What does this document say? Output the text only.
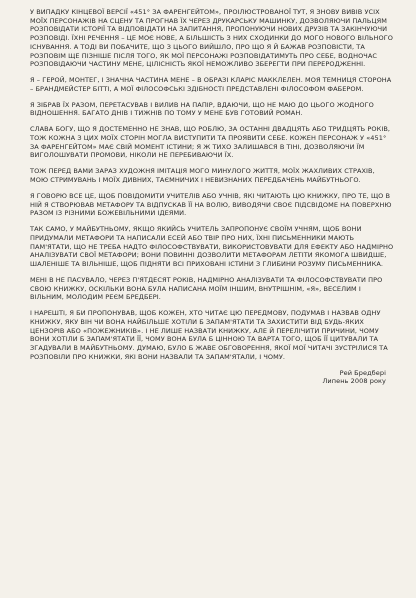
У ВИПАДКУ КІНЦЕВОЇ ВЕРСІЇ «451° ЗА ФАРЕНГЕЙТОМ», ПРОІЛЮСТРОВАНОЇ ТУТ, Я ЗНОВУ ВИВІВ УСІХ МОЇХ ПЕРСОНАЖІВ НА СЦЕНУ ТА ПРОГНАВ ЇХ ЧЕРЕЗ ДРУКАРСЬКУ МАШИНКУ, ДОЗВОЛЯЮЧИ ПАЛЬЦЯМ РОЗПОВІДАТИ ІСТОРІЇ ТА ВІДПОВІДАТИ НА ЗАПИТАННЯ, ПРОПОНУЮЧИ НОВИХ ДРУЗІВ ТА ЗАКІНЧУЮЧИ РОЗПОВІДІ. ЇХНІ РЕЧЕННЯ – ЦЕ МОЄ НОВЕ, А БІЛЬШІСТЬ З НИХ СХОДИНКИ ДО МОГО НОВОГО ВІЛЬНОГО ІСНУВАННЯ. А ТОДІ ВИ ПОБАЧИТЕ, ЩО З ЦЬОГО ВИЙШЛО, ПРО ЩО Я Й БАЖАВ РОЗПОВІСТИ, ТА РОЗПОВІМ ЩЕ ПІЗНІШЕ ПІСЛЯ ТОГО, ЯК МОЇ ПЕРСОНАЖІ РОЗПОВІДАТИМУТЬ ПРО СЕБЕ, ВОДНОЧАС РОЗПОВІДАЮЧИ ЧАСТИНУ МЕНЕ, ЦІЛІСНІСТЬ ЯКОЇ НЕМОЖЛИВО ЗБЕРЕГТИ ПРИ ПЕРЕРОДЖЕННІ.

Я – ГЕРОЙ, МОНТЕГ, І ЗНАЧНА ЧАСТИНА МЕНЕ – В ОБРАЗІ КЛАРІС МАККЛЕЛЕН. МОЯ ТЕМНИЦЯ СТОРОНА – БРАНДМЕЙСТЕР БІТТІ, А МОЇ ФІЛОСОФСЬКІ ЗДІБНОСТІ ПРЕДСТАВЛЕНІ ФІЛОСОФОМ ФАБЕРОМ.

Я ЗІБРАВ ЇХ РАЗОМ, ПЕРЕТАСУВАВ І ВИЛИВ НА ПАПІР, ВДАЮЧИ, ЩО НЕ МАЮ ДО ЦЬОГО ЖОДНОГО ВІДНОШЕННЯ. БАГАТО ДНІВ І ТИЖНІВ ПО ТОМУ У МЕНЕ БУВ ГОТОВИЙ РОМАН.

СЛАВА БОГУ, ЩО Я ДОСТЕМЕННО НЕ ЗНАВ, ЩО РОБЛЮ, ЗА ОСТАННІ ДВАДЦЯТЬ АБО ТРИДЦЯТЬ РОКІВ, ТОЖ КОЖНА З ЦИХ МОЇХ СТОРІН МОГЛА ВИСТУПИТИ ТА ПРОЯВИТИ СЕБЕ. КОЖЕН ПЕРСОНАЖ У «451° ЗА ФАРЕНГЕЙТОМ» МАЄ СВІЙ МОМЕНТ ІСТИНИ; Я Ж ТИХО ЗАЛИШАВСЯ В ТІНІ, ДОЗВОЛЯЮЧИ ЇМ ВИГОЛОШУВАТИ ПРОМОВИ, НІКОЛИ НЕ ПЕРЕБИВАЮЧИ ЇХ.

ТОЖ ПЕРЕД ВАМИ ЗАРАЗ ХУДОЖНЯ ІМІТАЦІЯ МОГО МИНУЛОГО ЖИТТЯ, МОЇХ ЖАХЛИВИХ СТРАХІВ, МОЮ СТРИМУВАНЬ І МОЇХ ДИВНИХ, ТАЄМНИЧИХ І НЕВИЗНАНИХ ПЕРЕДБАЧЕНЬ МАЙБУТНЬОГО.

Я ГОВОРЮ ВСЕ ЦЕ, ЩОБ ПОВІДОМИТИ УЧИТЕЛІВ АБО УЧНІВ, ЯКІ ЧИТАЮТЬ ЦЮ КНИЖКУ, ПРО ТЕ, ЩО В НІЙ Я СТВОРЮВАВ МЕТАФОРУ ТА ВІДПУСКАВ ЇЇ НА ВОЛЮ, ВИВОДЯЧИ СВОЄ ПІДСВІДОМЕ НА ПОВЕРХНЮ РАЗОМ ІЗ РІЗНИМИ БОЖЕВІЛЬНИМИ ІДЕЯМИ.

ТАК САМО, У МАЙБУТНЬОМУ, ЯКЩО ЯКИЙСЬ УЧИТЕЛЬ ЗАПРОПОНУЄ СВОЇМ УЧНЯМ, ЩОБ ВОНИ ПРИДУМАЛИ МЕТАФОРИ ТА НАПИСАЛИ ЕСЕЙ АБО ТВІР ПРО НИХ, ЇХНІ ПИСЬМЕННИКИ МАЮТЬ ПАМ'ЯТАТИ, ЩО НЕ ТРЕБА НАДТО ФІЛОСОФСТВУВАТИ, ВИКОРИСТОВУВАТИ ДЛЯ ЕФЕКТУ АБО НАДМІРНО АНАЛІЗУВАТИ СВОЇ МЕТАФОРИ; ВОНИ ПОВИННІ ДОЗВОЛИТИ МЕТАФОРАМ ЛЕТІТИ ЯКОМОГА ШВИДШЕ, ШАЛЕНІШЕ ТА ВІЛЬНІШЕ, ЩОБ ПІДНЯТИ ВСІ ПРИХОВАНІ ІСТИНИ З ГЛИБИНИ РОЗУМУ ПИСЬМЕННИКА.

МЕНІ В НЕ ПАСУВАЛО, ЧЕРЕЗ П'ЯТДЕСЯТ РОКІВ, НАДМІРНО АНАЛІЗУВАТИ ТА ФІЛОСОФСТВУВАТИ ПРО СВОЮ КНИЖКУ, ОСКІЛЬКИ ВОНА БУЛА НАПИСАНА МОЇМ ІНШИМ, ВНУТРІШНІМ, «Я», ВЕСЕЛИМ І ВІЛЬНИМ, МОЛОДИМ РЕЄМ БРЕДБЕРІ.

І НАРЕШТІ, Я БИ ПРОПОНУВАВ, ЩОБ КОЖЕН, ХТО ЧИТАЄ ЦЮ ПЕРЕДМОВУ, ПОДУМАВ І НАЗВАВ ОДНУ КНИЖКУ, ЯКУ ВІН ЧИ ВОНА НАЙБІЛЬШЕ ХОТІЛИ Б ЗАПАМ'ЯТАТИ ТА ЗАХИСТИТИ ВІД БУДЬ-ЯКИХ ЦЕНЗОРІВ АБО «ПОЖЕЖНИКІВ». І НЕ ЛИШЕ НАЗВАТИ КНИЖКУ, АЛЕ Й ПЕРЕЛІЧИТИ ПРИЧИНИ, ЧОМУ ВОНИ ХОТІЛИ Б ЗАПАМ'ЯТАТИ ЇЇ, ЧОМУ ВОНА БУЛА Б ЦІННОЮ ТА ВАРТА ТОГО, ЩОБ ЇЇ ЦИТУВАЛИ ТА ЗГАДУВАЛИ В МАЙБУТНЬОМУ. ДУМАЮ, БУЛО Б ЖАВЕ ОБГОВОРЕННЯ, ЯКОЇ МОЇ ЧИТАЧІ ЗУСТРІЛИСЯ ТА РОЗПОВІЛИ ПРО КНИЖКИ, ЯКІ ВОНИ НАЗВАЛИ ТА ЗАПАМ'ЯТАЛИ, І ЧОМУ.

Рей Бредбері
Липень 2008 року
